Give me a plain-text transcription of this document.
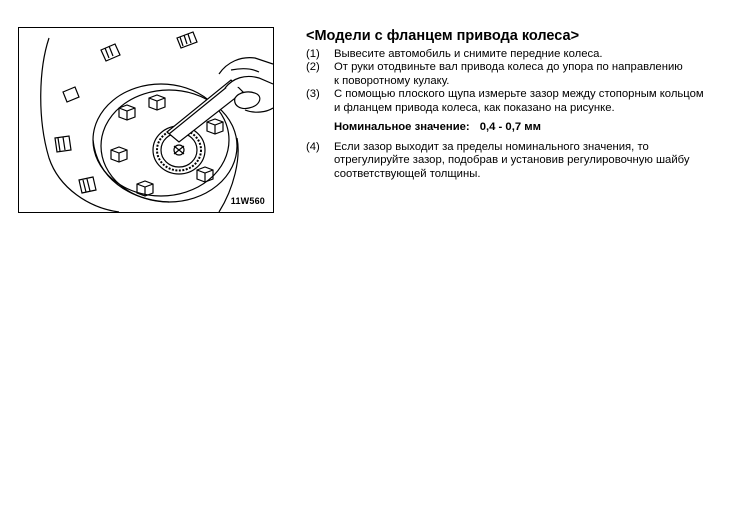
11W560
<Модели с фланцем привода колеса>
(1)	Вывесите автомобиль и снимите передние колеса.
(2)	От руки отодвиньте вал привода колеса до упора по направлению
к поворотному кулаку.
(3)	С помощью плоского щупа измерьте зазор между стопорным кольцом
и фланцем привода колеса, как показано на рисунке.
Номинальное значение: 0,4 - 0,7 мм
(4)	Если зазор выходит за пределы номинального значения, то
отрегулируйте зазор, подобрав и установив регулировочную шайбу
соответствующей толщины.
